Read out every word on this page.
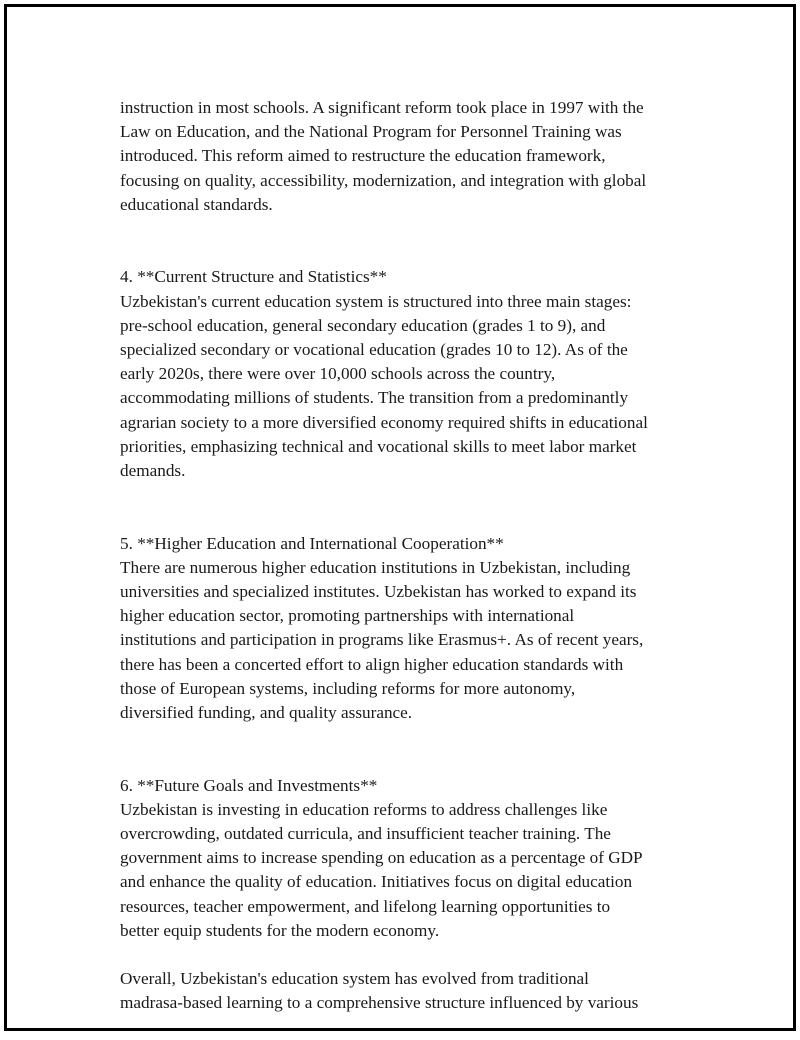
instruction in most schools. A significant reform took place in 1997 with the
Law on Education, and the National Program for Personnel Training was
introduced. This reform aimed to restructure the education framework,
focusing on quality, accessibility, modernization, and integration with global
educational standards.

4. **Current Structure and Statistics**
Uzbekistan's current education system is structured into three main stages:
pre-school education, general secondary education (grades 1 to 9), and
specialized secondary or vocational education (grades 10 to 12). As of the
early 2020s, there were over 10,000 schools across the country,
accommodating millions of students. The transition from a predominantly
agrarian society to a more diversified economy required shifts in educational
priorities, emphasizing technical and vocational skills to meet labor market
demands.

5. **Higher Education and International Cooperation**
There are numerous higher education institutions in Uzbekistan, including
universities and specialized institutes. Uzbekistan has worked to expand its
higher education sector, promoting partnerships with international
institutions and participation in programs like Erasmus+. As of recent years,
there has been a concerted effort to align higher education standards with
those of European systems, including reforms for more autonomy,
diversified funding, and quality assurance.

6. **Future Goals and Investments**
Uzbekistan is investing in education reforms to address challenges like
overcrowding, outdated curricula, and insufficient teacher training. The
government aims to increase spending on education as a percentage of GDP
and enhance the quality of education. Initiatives focus on digital education
resources, teacher empowerment, and lifelong learning opportunities to
better equip students for the modern economy.

Overall, Uzbekistan's education system has evolved from traditional
madrasa-based learning to a comprehensive structure influenced by various
